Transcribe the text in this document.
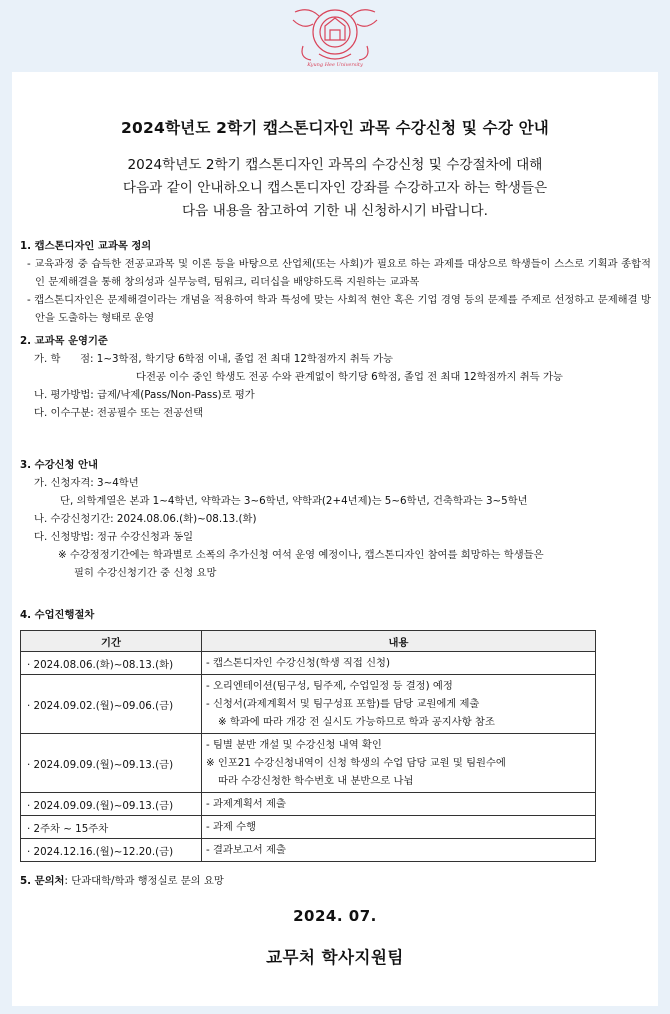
Kyung Hee University
2024학년도 2학기 캡스톤디자인 과목 수강신청 및 수강 안내
2024학년도 2학기 캡스톤디자인 과목의 수강신청 및 수강절차에 대해
다음과 같이 안내하오니 캡스톤디자인 강좌를 수강하고자 하는 학생들은
다음 내용을 참고하여 기한 내 신청하시기 바랍니다.
1. 캡스톤디자인 교과목 정의
- 교육과정 중 습득한 전공교과목 및 이론 등을 바탕으로 산업체(또는 사회)가 필요로 하는 과제를 대상으로 학생들이 스스로 기획과 종합적인 문제해결을 통해 창의성과 실무능력, 팀워크, 리더십을 배양하도록 지원하는 교과목
- 캡스톤디자인은 문제해결이라는 개념을 적용하여 학과 특성에 맞는 사회적 현안 혹은 기업 경영 등의 문제를 주제로 선정하고 문제해결 방안을 도출하는 형태로 운영
2. 교과목 운영기준
가. 학      점: 1~3학점, 학기당 6학점 이내, 졸업 전 최대 12학점까지 취득 가능
다전공 이수 중인 학생도 전공 수와 관계없이 학기당 6학점, 졸업 전 최대 12학점까지 취득 가능
나. 평가방법: 급제/낙제(Pass/Non-Pass)로 평가
다. 이수구분: 전공필수 또는 전공선택
3. 수강신청 안내
가. 신청자격: 3~4학년
단, 의학계열은 본과 1~4학년, 약학과는 3~6학년, 약학과(2+4년제)는 5~6학년, 건축학과는 3~5학년
나. 수강신청기간: 2024.08.06.(화)~08.13.(화)
다. 신청방법: 정규 수강신청과 동일
※ 수강정정기간에는 학과별로 소폭의 추가신청 여석 운영 예정이나, 캡스톤디자인 참여를 희망하는 학생들은
필히 수강신청기간 중 신청 요망
4. 수업진행절차
기간	내용
· 2024.08.06.(화)~08.13.(화)	- 캡스톤디자인 수강신청(학생 직접 신청)

· 2024.09.02.(월)~09.06.(금)	- 오리엔테이션(팀구성, 팀주제, 수업일정 등 결정) 예정
- 신청서(과제계획서 및 팀구성표 포함)를 담당 교원에게 제출
※ 학과에 따라 개강 전 실시도 가능하므로 학과 공지사항 참조

· 2024.09.09.(월)~09.13.(금)	- 팀별 분반 개설 및 수강신청 내역 확인
※ 인포21 수강신청내역이 신청 학생의 수업 담당 교원 및 팀원수에
따라 수강신청한 학수번호 내 분반으로 나뉨

· 2024.09.09.(월)~09.13.(금)	- 과제계획서 제출

· 2주차 ~ 15주차	- 과제 수행

· 2024.12.16.(월)~12.20.(금)	- 결과보고서 제출
5. 문의처: 단과대학/학과 행정실로 문의 요망
2024. 07.
교무처 학사지원팀
